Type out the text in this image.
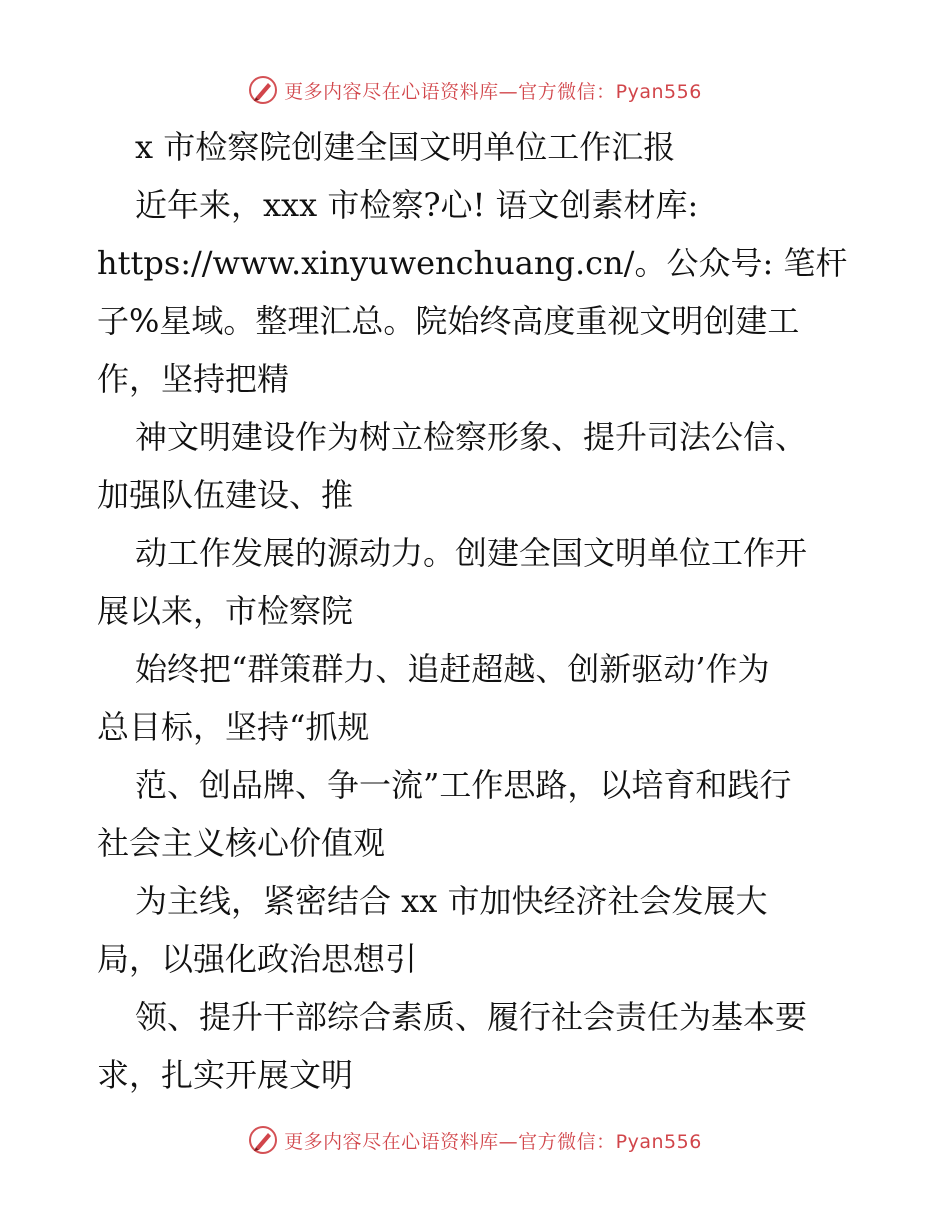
更多内容尽在心语资料库—官方微信：Pyan556
x 市检察院创建全国文明单位工作汇报
近年来，xxx 市检察?心! 语文创素材库:
https://www.xinyuwenchuang.cn/。公众号: 笔杆
子%星域。整理汇总。院始终高度重视文明创建工
作，坚持把精
神文明建设作为树立检察形象、提升司法公信、
加强队伍建设、推
动工作发展的源动力。创建全国文明单位工作开
展以来，市检察院
始终把“群策群力、追赶超越、创新驱动’作为
总目标，坚持“抓规
范、创品牌、争一流”工作思路，以培育和践行
社会主义核心价值观
为主线，紧密结合 xx 市加快经济社会发展大
局，以强化政治思想引
领、提升干部综合素质、履行社会责任为基本要
求，扎实开展文明
更多内容尽在心语资料库—官方微信：Pyan556
